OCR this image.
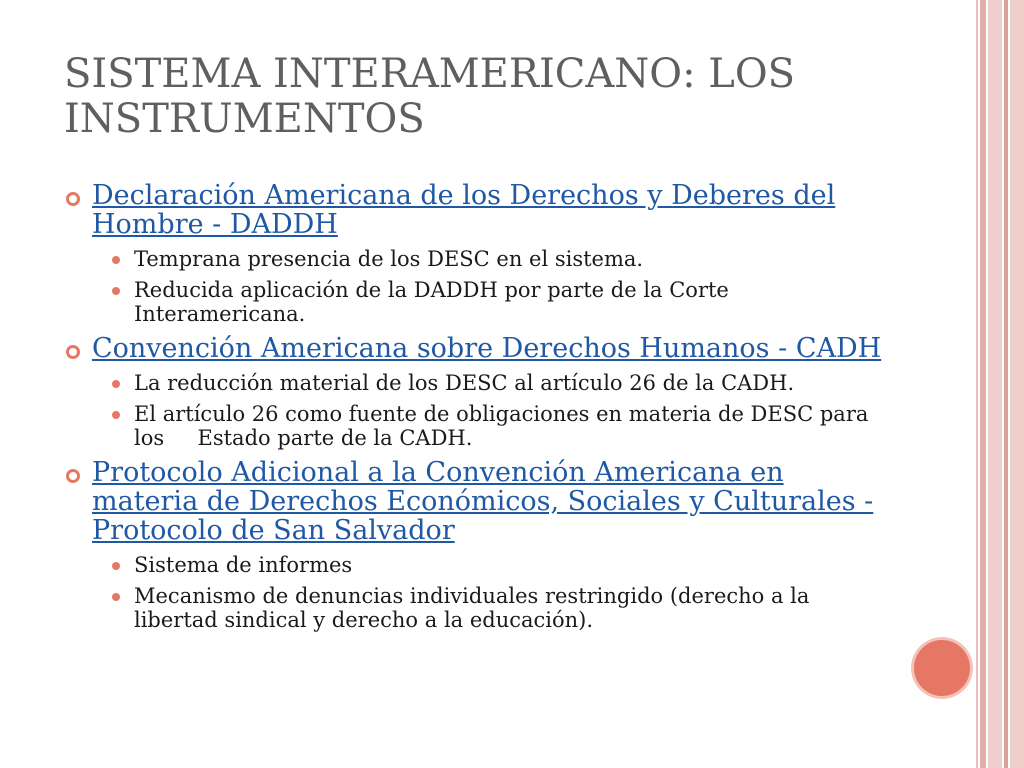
SISTEMA INTERAMERICANO: LOS INSTRUMENTOS
Declaración Americana de los Derechos y Deberes del Hombre - DADDH
Temprana presencia de los DESC en el sistema.
Reducida aplicación de la DADDH por parte de la Corte Interamericana.
Convención Americana sobre Derechos Humanos - CADH
La reducción material de los DESC al artículo 26 de la CADH.
El artículo 26 como fuente de obligaciones en materia de DESC para los     Estado parte de la CADH.
Protocolo Adicional a la Convención Americana en materia de Derechos Económicos, Sociales y Culturales - Protocolo de San Salvador
Sistema de informes
Mecanismo de denuncias individuales restringido (derecho a la libertad sindical y derecho a la educación).
